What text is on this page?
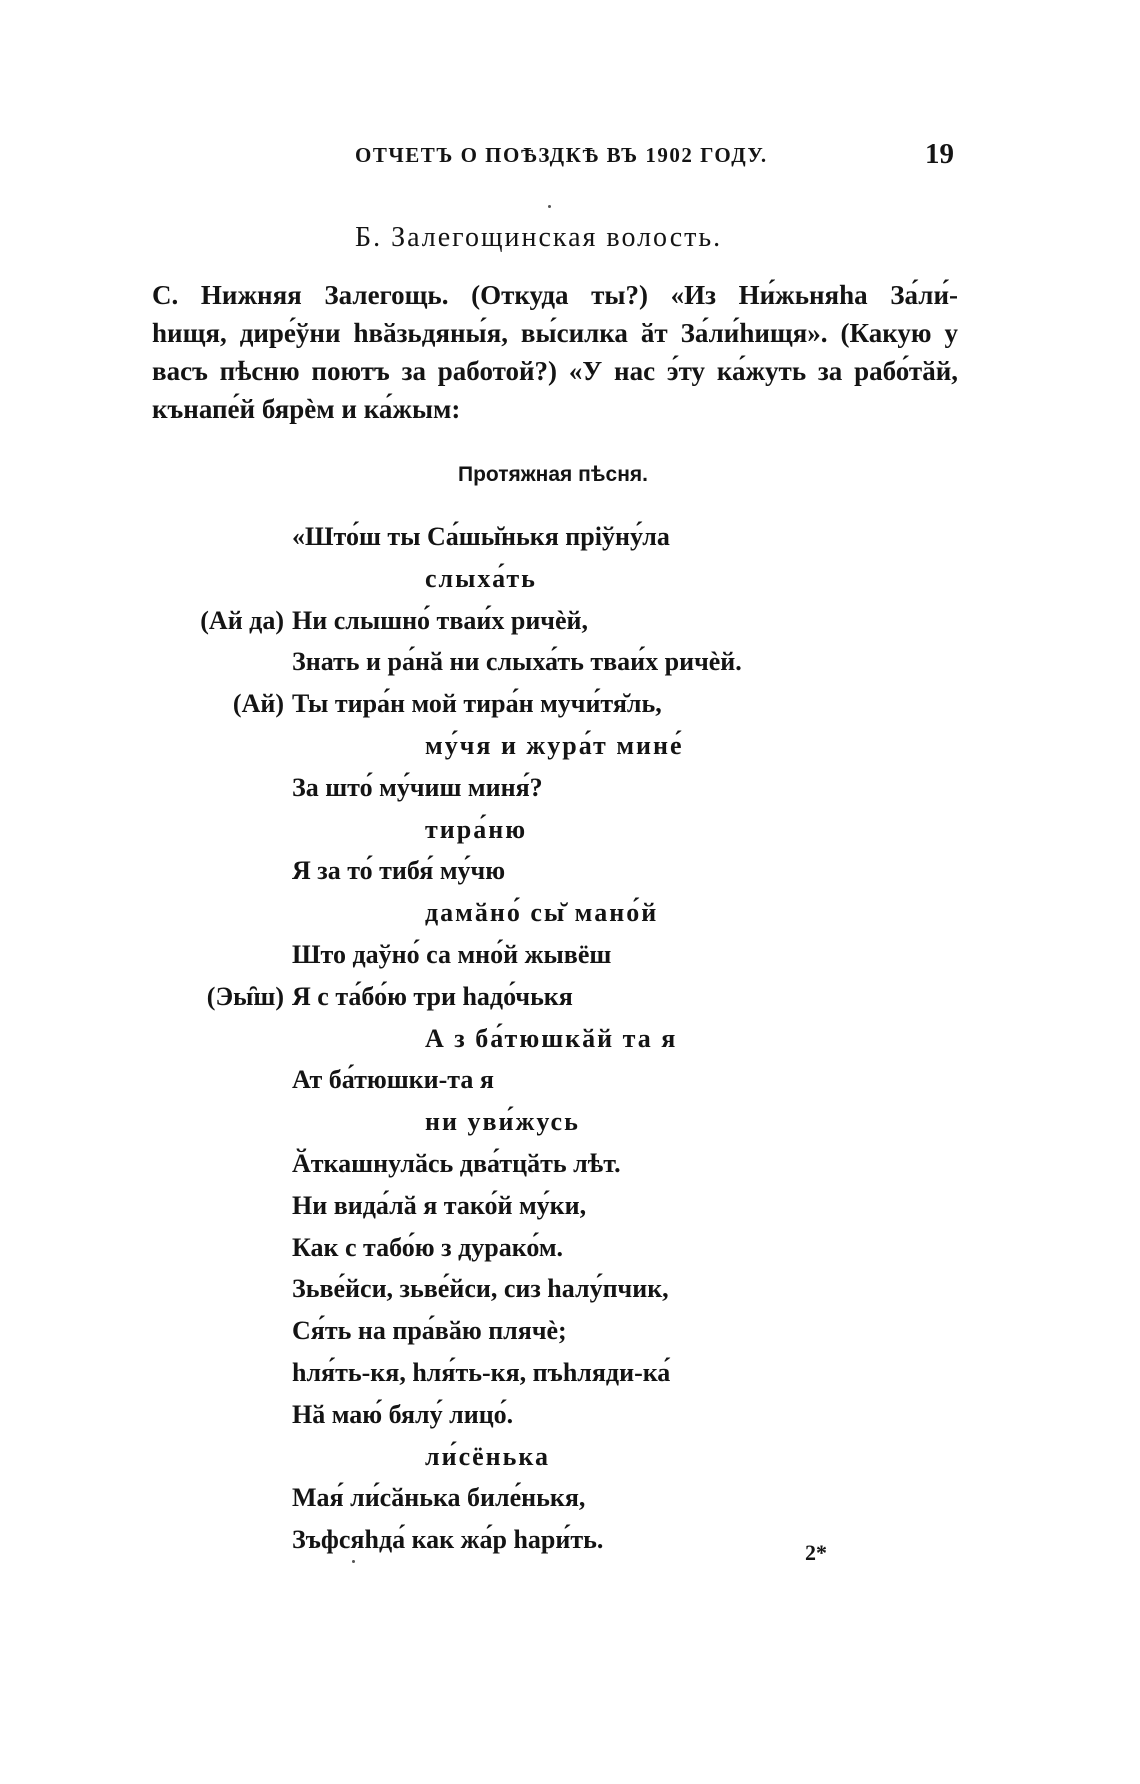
ОТЧЕТЪ О ПОѢЗДКѢ ВЪ 1902 ГОДУ.	19
Б. Залегощинская волость.
С. Нижняя Залегощь. (Откуда ты?) «Из Ни́жьняһа За́ли́-
һищя, дире́ўни һвӑзьдяны́я, вы́силка ӑт За́ли́һищя». (Какую у
васъ пѣсню поютъ за работой?) «У нас э́ту ка́жуть за рабо́тӑй,
кънапе́й бярѐм и ка́жым:
Протяжная пѣсня.
«Што́ш ты Са́шы̆нькя пріўну́ла
слыха́ть
Ни слышно́ тваи́х ричѐй,
(Ай да)
Знать и ра́нӑ ни слыха́ть тваи́х ричѐй.
Ты тира́н мой тира́н мучи́тя̆ль,
(Ай)
му́чя и жура́т мине́
За што́ му́чиш миня́?
тира́ню
Я за то́ тибя́ му́чю
дамӑно́ сы̆ мано́й
Што даўно́ са мно́й жывёш
Я с та́бо́ю три һадо́чькя
(Эы̑ш)
А з ба́тюшкӑй та я
Ат ба́тюшки-та я
ни уви́жусь
Ӑткашнулӑсь два́тцӑть лѣт.
Ни вида́лӑ я тако́й му́ки,
Как с табо́ю з дурако́м.
Зьве́йси, зьве́йси, сиз һалу́пчик,
Ся́ть на пра́вӑю плячѐ;
һля́ть-кя, һля́ть-кя, пъһляди-ка́
Нӑ маю́ бялу́ лицо́.
ли́сёнька
Мая́ ли́сӑнька биле́нькя,
Зъфсяһда́ как жа́р һари́ть.	2*
